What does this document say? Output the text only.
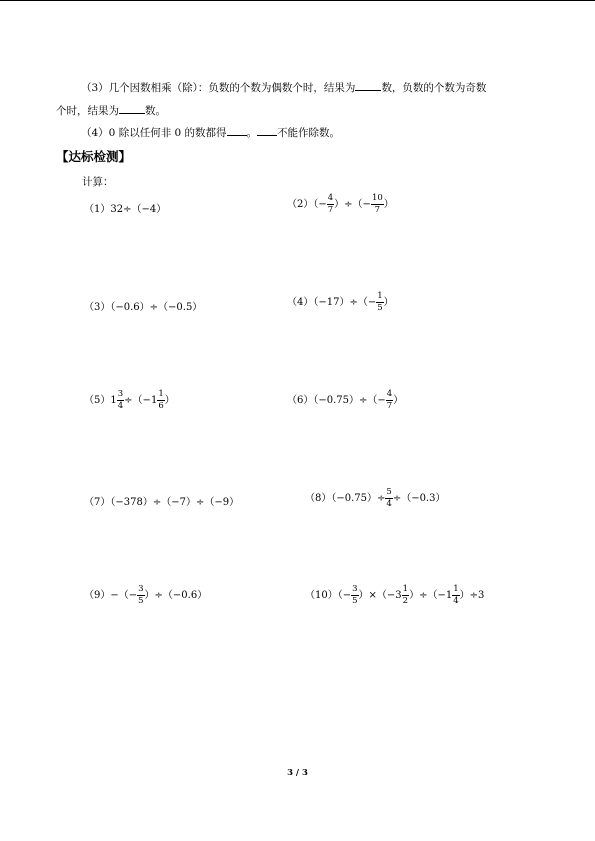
（3）几个因数相乘（除）：负数的个数为偶数个时，结果为 数，负数的个数为奇数
个时，结果为 数。
（4）0 除以任何非 0 的数都得 。 不能作除数。
【达标检测】
计算：
（1）32÷（−4）	$(2)(- \frac{4}{7}$ ）÷（− $\frac{10}{7}$ ）
（3）（−0.6）÷（−0.5）	$(4)(-17)\div(- \frac{1}{5}$ ）
$(5)1 \frac{3}{4} \div(-1 \frac{1}{6}$ ）	$(6)(-0.75)\div(- \frac{4}{7}$ ）
（7）（−378）÷（−7）÷（−9）	$(8)(-0.75)\div \frac{5}{4} \div(-0.3)$
$(9)-(- \frac{3}{5} )\div(-0.6)$	$(10)(- \frac{3}{5} )\times(-3 \frac{1}{2} )\div(-1 \frac{1}{4} )\div 3$
3 / 3
